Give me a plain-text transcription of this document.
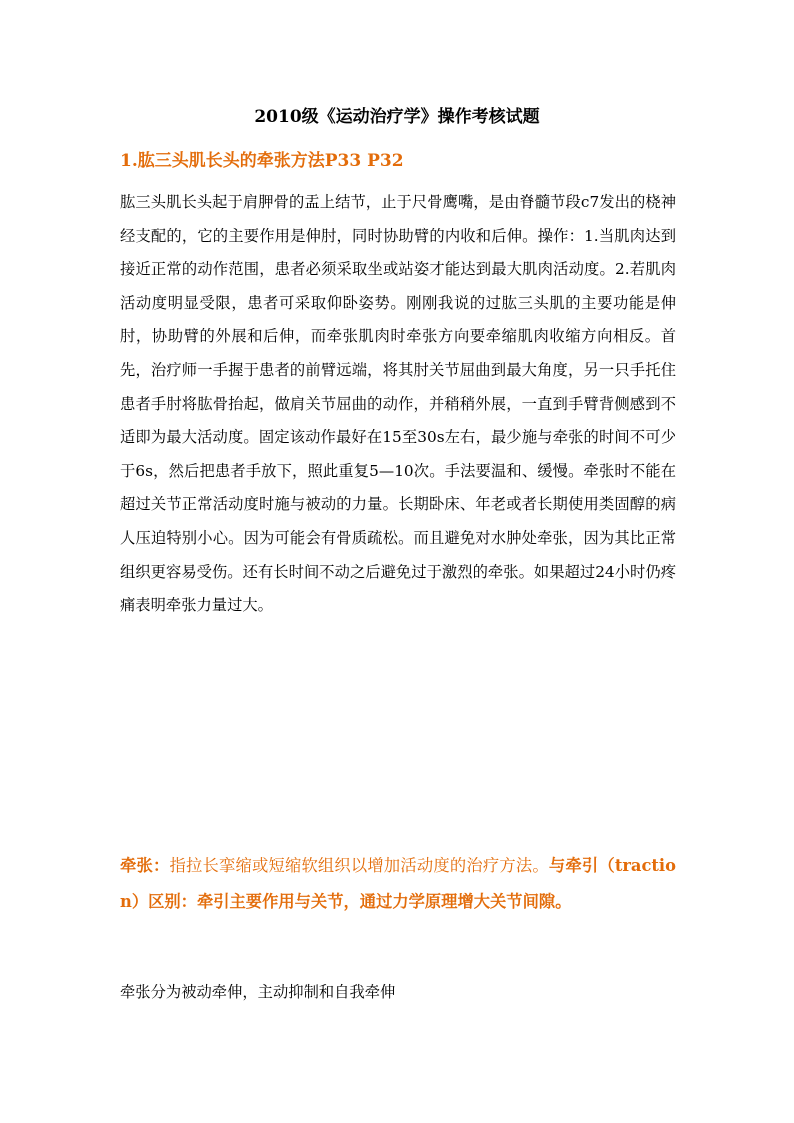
2010级《运动治疗学》操作考核试题
1.肱三头肌长头的牵张方法P33 P32
肱三头肌长头起于肩胛骨的盂上结节，止于尺骨鹰嘴，是由脊髓节段c7发出的桡神经支配的，它的主要作用是伸肘，同时协助臂的内收和后伸。操作：1.当肌肉达到接近正常的动作范围，患者必须采取坐或站姿才能达到最大肌肉活动度。2.若肌肉活动度明显受限，患者可采取仰卧姿势。刚刚我说的过肱三头肌的主要功能是伸肘，协助臂的外展和后伸，而牵张肌肉时牵张方向要牵缩肌肉收缩方向相反。首先，治疗师一手握于患者的前臂远端，将其肘关节屈曲到最大角度，另一只手托住患者手肘将肱骨抬起，做肩关节屈曲的动作，并稍稍外展，一直到手臂背侧感到不适即为最大活动度。固定该动作最好在15至30s左右，最少施与牵张的时间不可少于6s，然后把患者手放下，照此重复5—10次。手法要温和、缓慢。牵张时不能在超过关节正常活动度时施与被动的力量。长期卧床、年老或者长期使用类固醇的病人压迫特别小心。因为可能会有骨质疏松。而且避免对水肿处牵张，因为其比正常组织更容易受伤。还有长时间不动之后避免过于激烈的牵张。如果超过24小时仍疼痛表明牵张力量过大。
牵张：指拉长挛缩或短缩软组织以增加活动度的治疗方法。与牵引（traction）区别：牵引主要作用与关节，通过力学原理增大关节间隙。
牵张分为被动牵伸，主动抑制和自我牵伸
